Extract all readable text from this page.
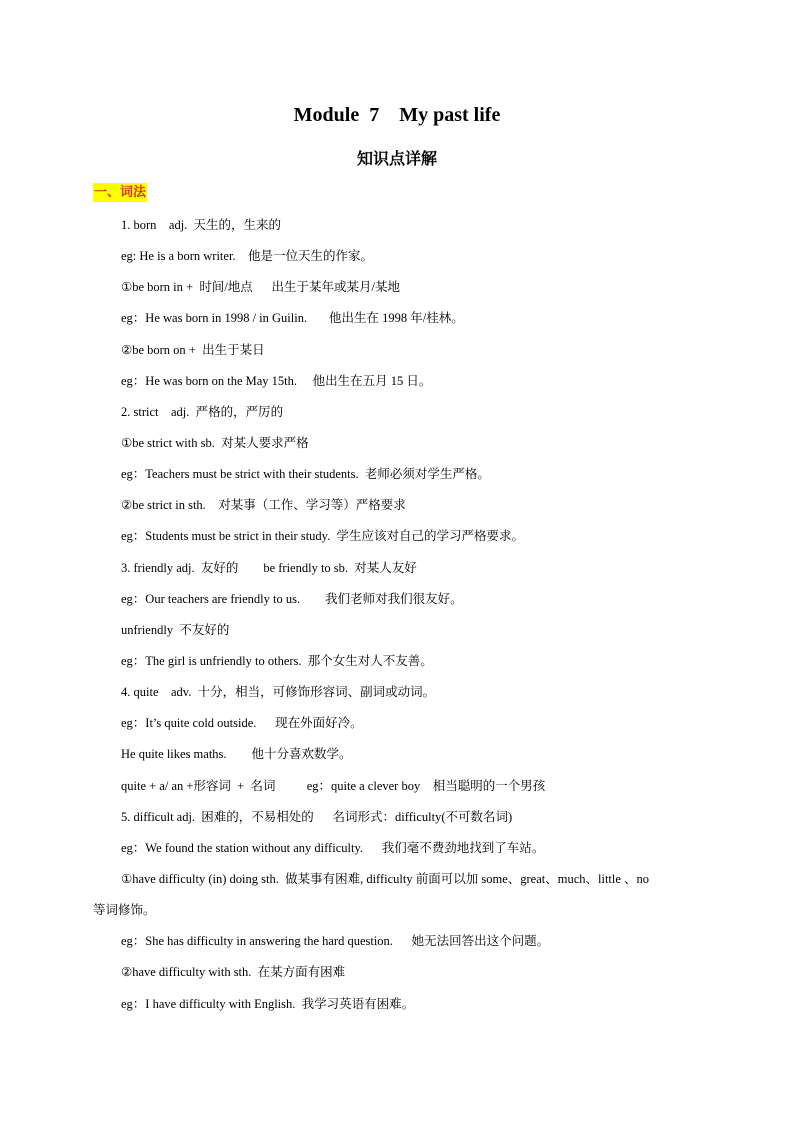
Module  7    My past life
知识点详解
一、词法
1. born    adj.  天生的，生来的
eg: He is a born writer.    他是一位天生的作家。
①be born in +  时间/地点      出生于某年或某月/某地
eg：He was born in 1998 / in Guilin.       他出生在 1998 年/桂林。
②be born on +  出生于某日
eg：He was born on the May 15th.     他出生在五月 15 日。
2. strict    adj.  严格的，严厉的
①be strict with sb.  对某人要求严格
eg：Teachers must be strict with their students.  老师必须对学生严格。
②be strict in sth.    对某事（工作、学习等）严格要求
eg：Students must be strict in their study.  学生应该对自己的学习严格要求。
3. friendly adj.  友好的        be friendly to sb.  对某人友好
eg：Our teachers are friendly to us.        我们老师对我们很友好。
unfriendly  不友好的
eg：The girl is unfriendly to others.  那个女生对人不友善。
4. quite    adv.  十分，相当，可修饰形容词、副词或动词。
eg：It’s quite cold outside.      现在外面好冷。
He quite likes maths.        他十分喜欢数学。
quite + a/ an +形容词  +  名词          eg：quite a clever boy    相当聪明的一个男孩
5. difficult adj.  困难的，不易相处的      名词形式：difficulty(不可数名词)
eg：We found the station without any difficulty.      我们毫不费劲地找到了车站。
①have difficulty (in) doing sth.  做某事有困难, difficulty 前面可以加 some、great、much、little 、no
等词修饰。
eg：She has difficulty in answering the hard question.      她无法回答出这个问题。
②have difficulty with sth.  在某方面有困难
eg：I have difficulty with English.  我学习英语有困难。
